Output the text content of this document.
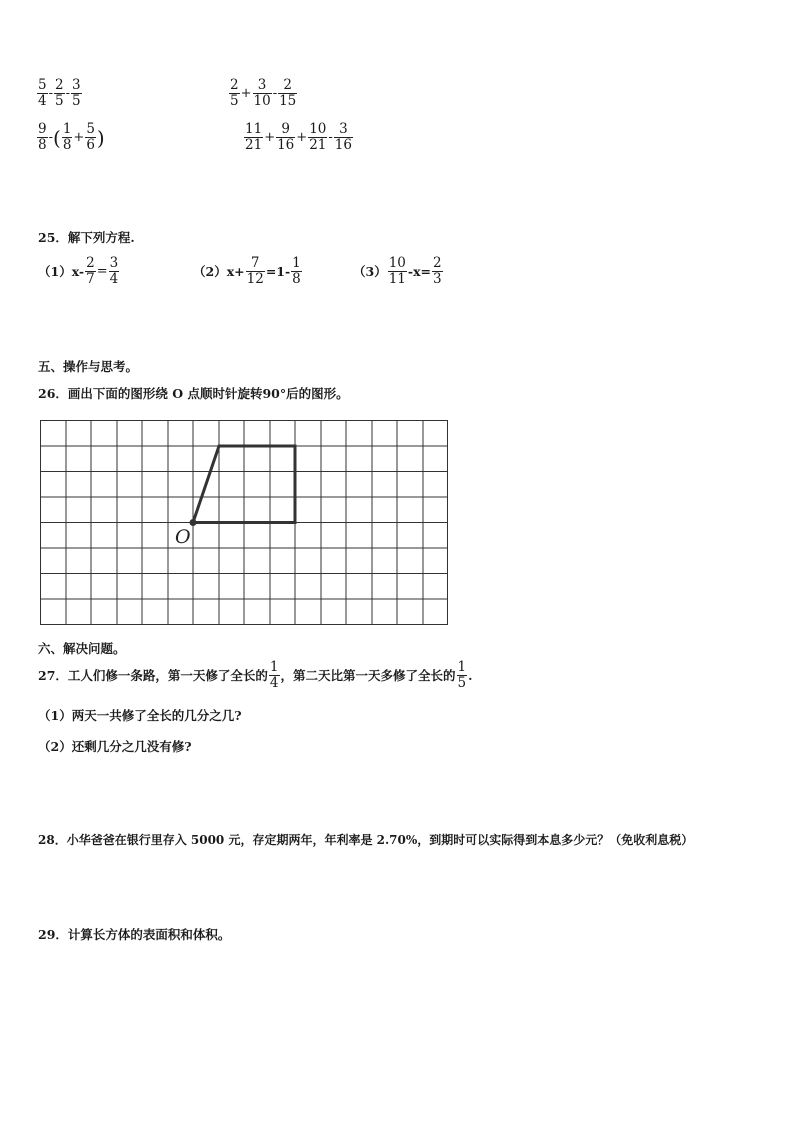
5
4 -
2
5 -
3
5
2
$5 + \frac{3}{10}$ -
2
15
9
8 - ( 1
$8 + \frac{5}{6}$ )	11
$21 + \frac{9}{16} + \frac{10}{21}$ -
3
16
25．解下列方程.
$(1)x- \frac{2}{7} = \frac{3}{4}$	$(2)x+ \frac{7}{12} =1-$ 1
8	（3） 10
11 $-x= \frac{2}{3}$
五、操作与思考。
26．画出下面的图形绕 O 点顺时针旋转90°后的图形。
O
六、解决问题。
27．工人们修一条路，第一天修了全长的 1
4 ，第二天比第一天多修了全长的 1
5 .
（1）两天一共修了全长的几分之几?
（2）还剩几分之几没有修?
28．小华爸爸在银行里存入 5000 元，存定期两年，年利率是 2.70%，到期时可以实际得到本息多少元？（免收利息税）
29．计算长方体的表面积和体积。
